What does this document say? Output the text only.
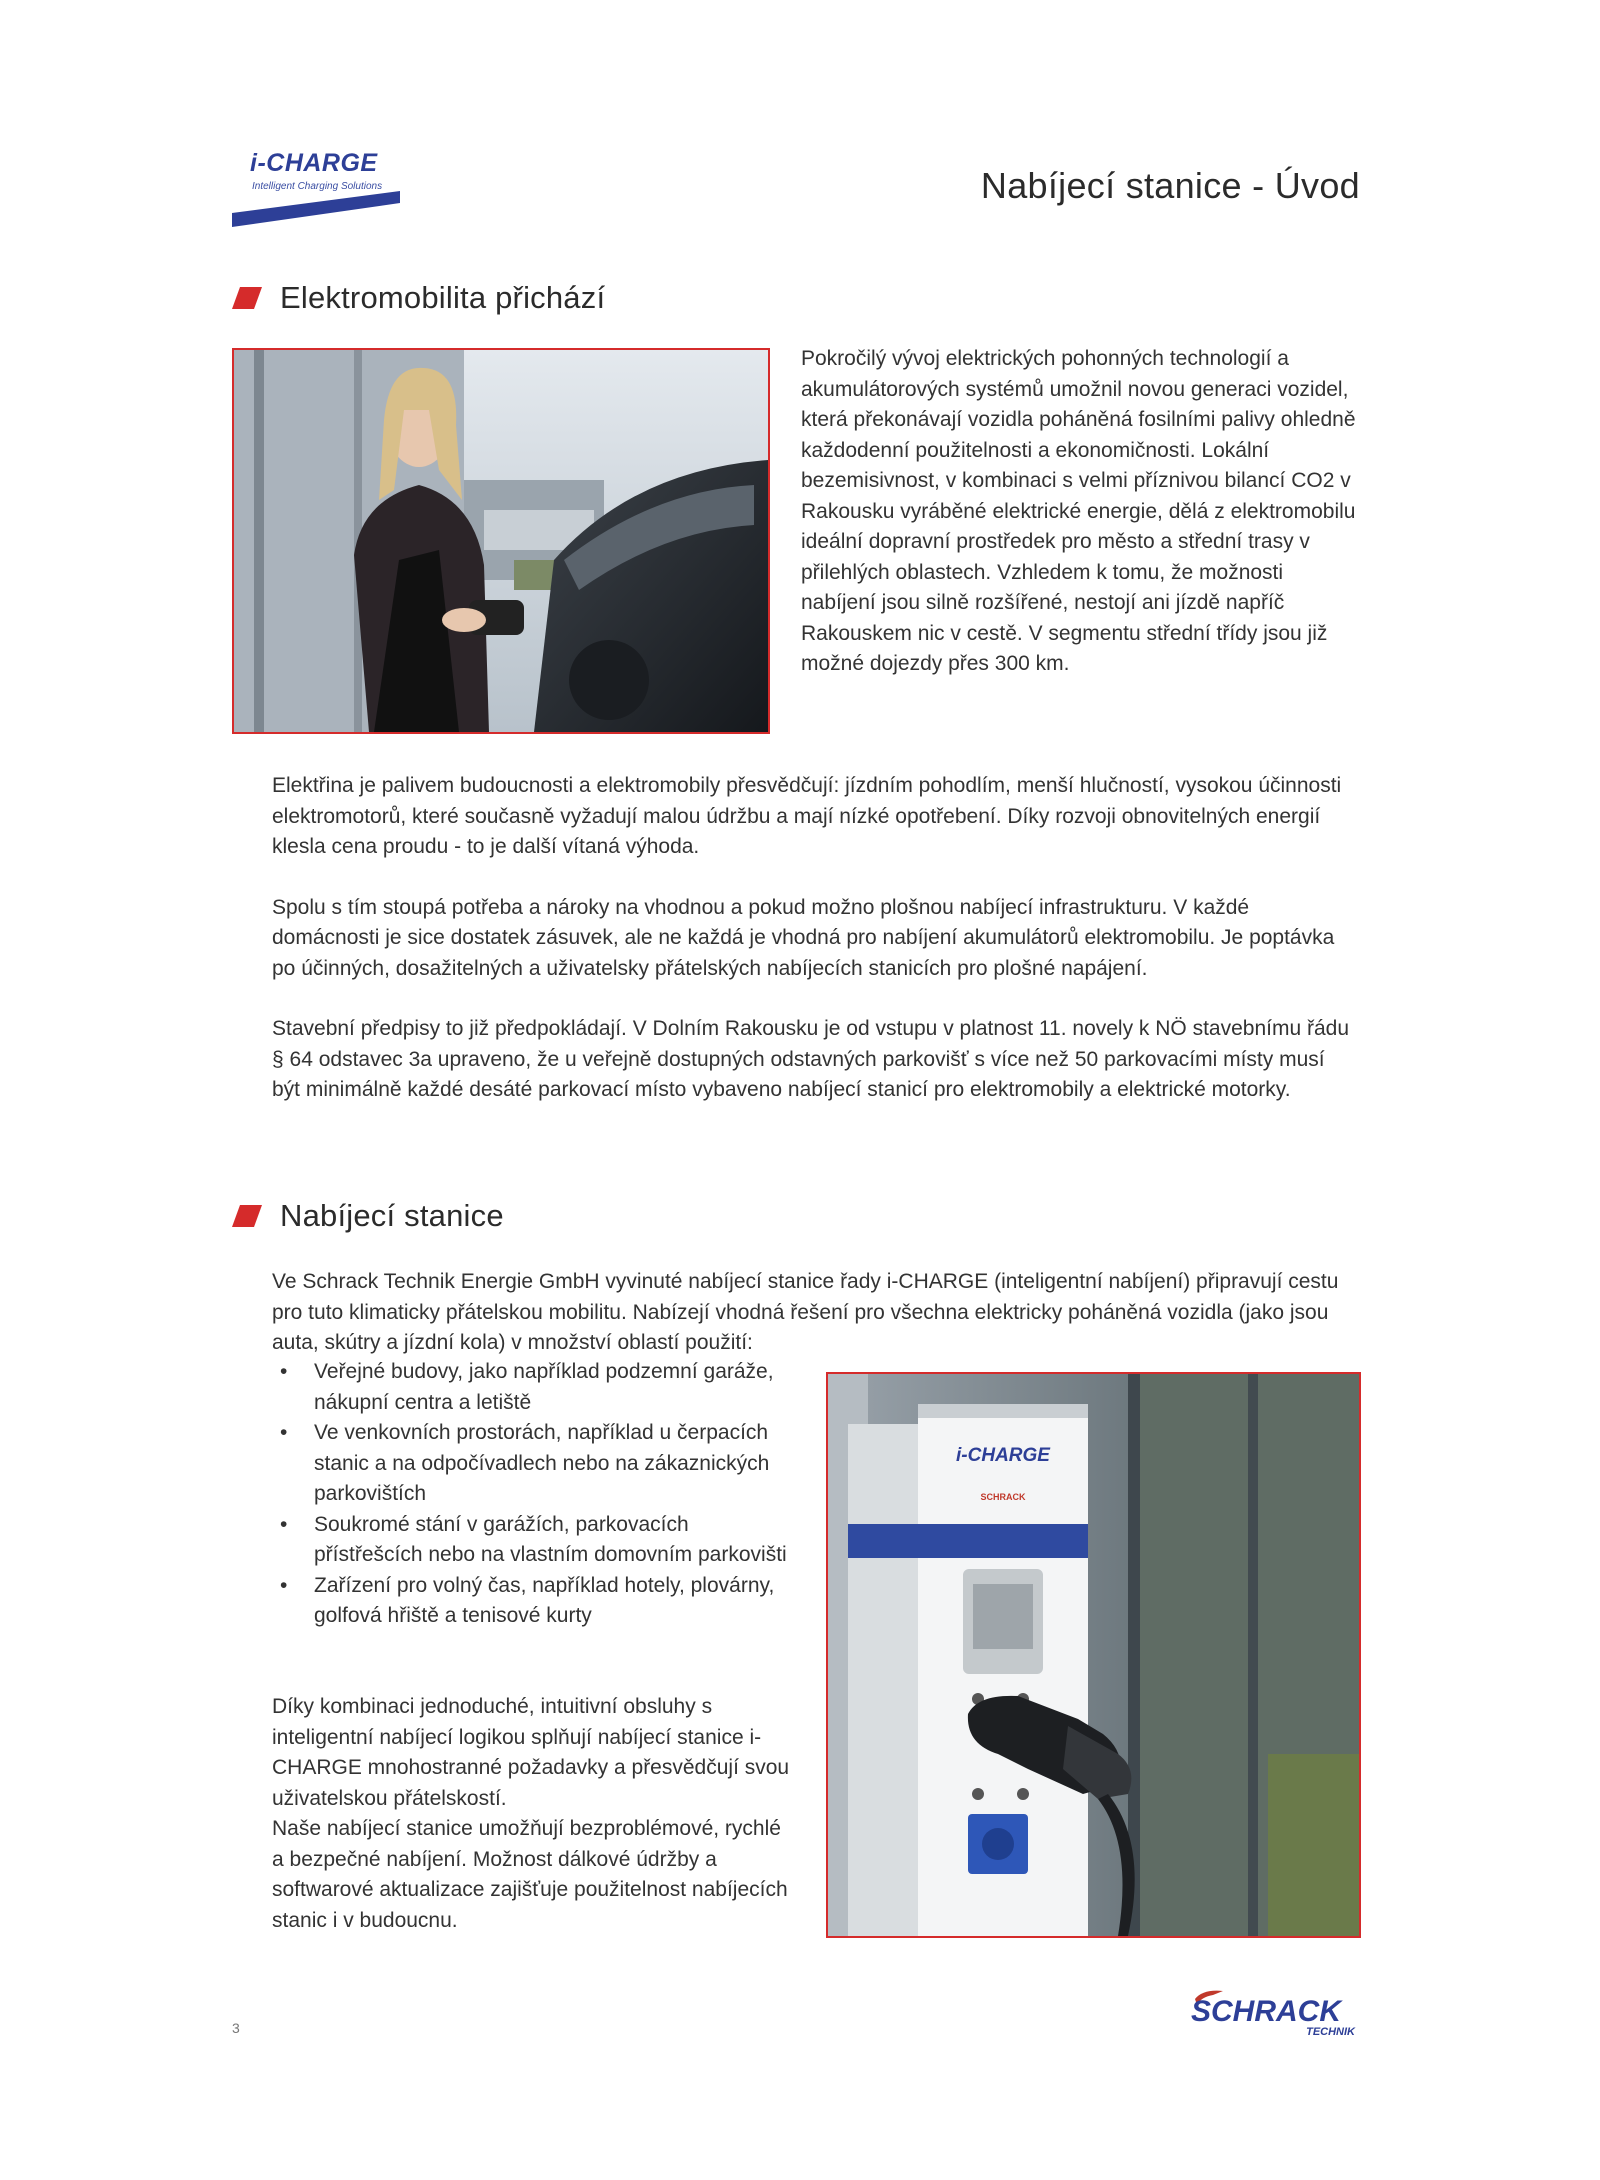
i-CHARGE
Intelligent Charging Solutions	Nabíjecí stanice - Úvod
Elektromobilita přichází

Pokročilý vývoj elektrických pohonných technologií a akumulátorových systémů umožnil novou generaci vozidel, která překonávají vozidla poháněná fosilními palivy ohledně každodenní použitelnosti a ekonomičnosti. Lokální bezemisivnost, v kombinaci s velmi příznivou bilancí CO2 v Rakousku vyráběné elektrické energie, dělá z elektromobilu ideální dopravní prostředek pro město a střední trasy v přilehlých oblastech. Vzhledem k tomu, že možnosti nabíjení jsou silně rozšířené, nestojí ani jízdě napříč Rakouskem nic v cestě. V segmentu střední třídy jsou již možné dojezdy přes 300 km.

Elektřina je palivem budoucnosti a elektromobily přesvědčují: jízdním pohodlím, menší hlučností, vysokou účinnosti elektromotorů, které současně vyžadují malou údržbu a mají nízké opotřebení. Díky rozvoji obnovitelných energií klesla cena proudu - to je další vítaná výhoda.

Spolu s tím stoupá potřeba a nároky na vhodnou a pokud možno plošnou nabíjecí infrastrukturu. V každé domácnosti je sice dostatek zásuvek, ale ne každá je vhodná pro nabíjení akumulátorů elektromobilu. Je poptávka po účinných, dosažitelných a uživatelsky přátelských nabíjecích stanicích pro plošné napájení.

Stavební předpisy to již předpokládají. V Dolním Rakousku je od vstupu v platnost 11. novely k NÖ stavebnímu řádu § 64 odstavec 3a upraveno, že u veřejně dostupných odstavných parkovišť s více než 50 parkovacími místy musí být minimálně každé desáté parkovací místo vybaveno nabíjecí stanicí pro elektromobily a elektrické motorky.

Nabíjecí stanice

Ve Schrack Technik Energie GmbH vyvinuté nabíjecí stanice řady i-CHARGE (inteligentní nabíjení) připravují cestu pro tuto klimaticky přátelskou mobilitu. Nabízejí vhodná řešení pro všechna elektricky poháněná vozidla (jako jsou auta, skútry a jízdní kola) v množství oblastí použití:

• Veřejné budovy, jako například podzemní garáže, nákupní centra a letiště
• Ve venkovních prostorách, například u čerpacích stanic a na odpočívadlech nebo na zákaznických parkovištích
• Soukromé stání v garážích, parkovacích přístřešcích nebo na vlastním domovním parkovišti
• Zařízení pro volný čas, například hotely, plovárny, golfová hřiště a tenisové kurty

Díky kombinaci jednoduché, intuitivní obsluhy s inteligentní nabíjecí logikou splňují nabíjecí stanice i-CHARGE mnohostranné požadavky a přesvědčují svou uživatelskou přátelskostí.

Naše nabíjecí stanice umožňují bezproblémové, rychlé a bezpečné nabíjení. Možnost dálkové údržby a softwarové aktualizace zajišťuje použitelnost nabíjecích stanic i v budoucnu.

i-CHARGE
SCHRACK
3	SCHRACK
TECHNIK
